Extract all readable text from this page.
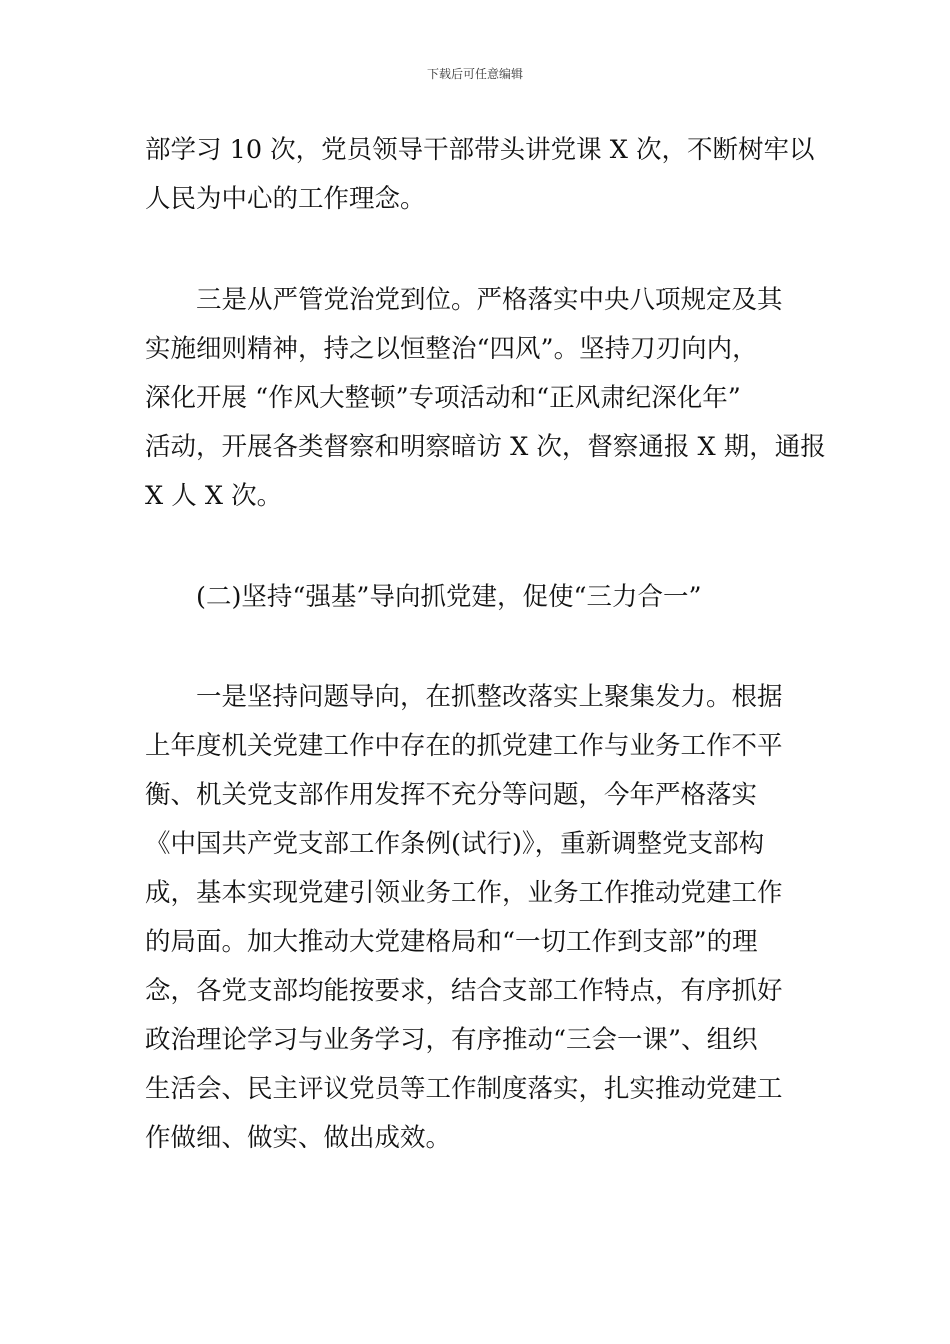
下载后可任意编辑
部学习 10 次，党员领导干部带头讲党课 X 次，不断树牢以
人民为中心的工作理念。
三是从严管党治党到位。严格落实中央八项规定及其
实施细则精神，持之以恒整治“四风”。坚持刀刃向内，
深化开展 “作风大整顿”专项活动和“正风肃纪深化年”
活动，开展各类督察和明察暗访 X 次，督察通报 X 期，通报
X 人 X 次。
(二)坚持“强基”导向抓党建，促使“三力合一”
一是坚持问题导向，在抓整改落实上聚集发力。根据
上年度机关党建工作中存在的抓党建工作与业务工作不平
衡、机关党支部作用发挥不充分等问题，今年严格落实
《中国共产党支部工作条例(试行)》，重新调整党支部构
成，基本实现党建引领业务工作，业务工作推动党建工作
的局面。加大推动大党建格局和“一切工作到支部”的理
念，各党支部均能按要求，结合支部工作特点，有序抓好
政治理论学习与业务学习，有序推动“三会一课”、组织
生活会、民主评议党员等工作制度落实，扎实推动党建工
作做细、做实、做出成效。
